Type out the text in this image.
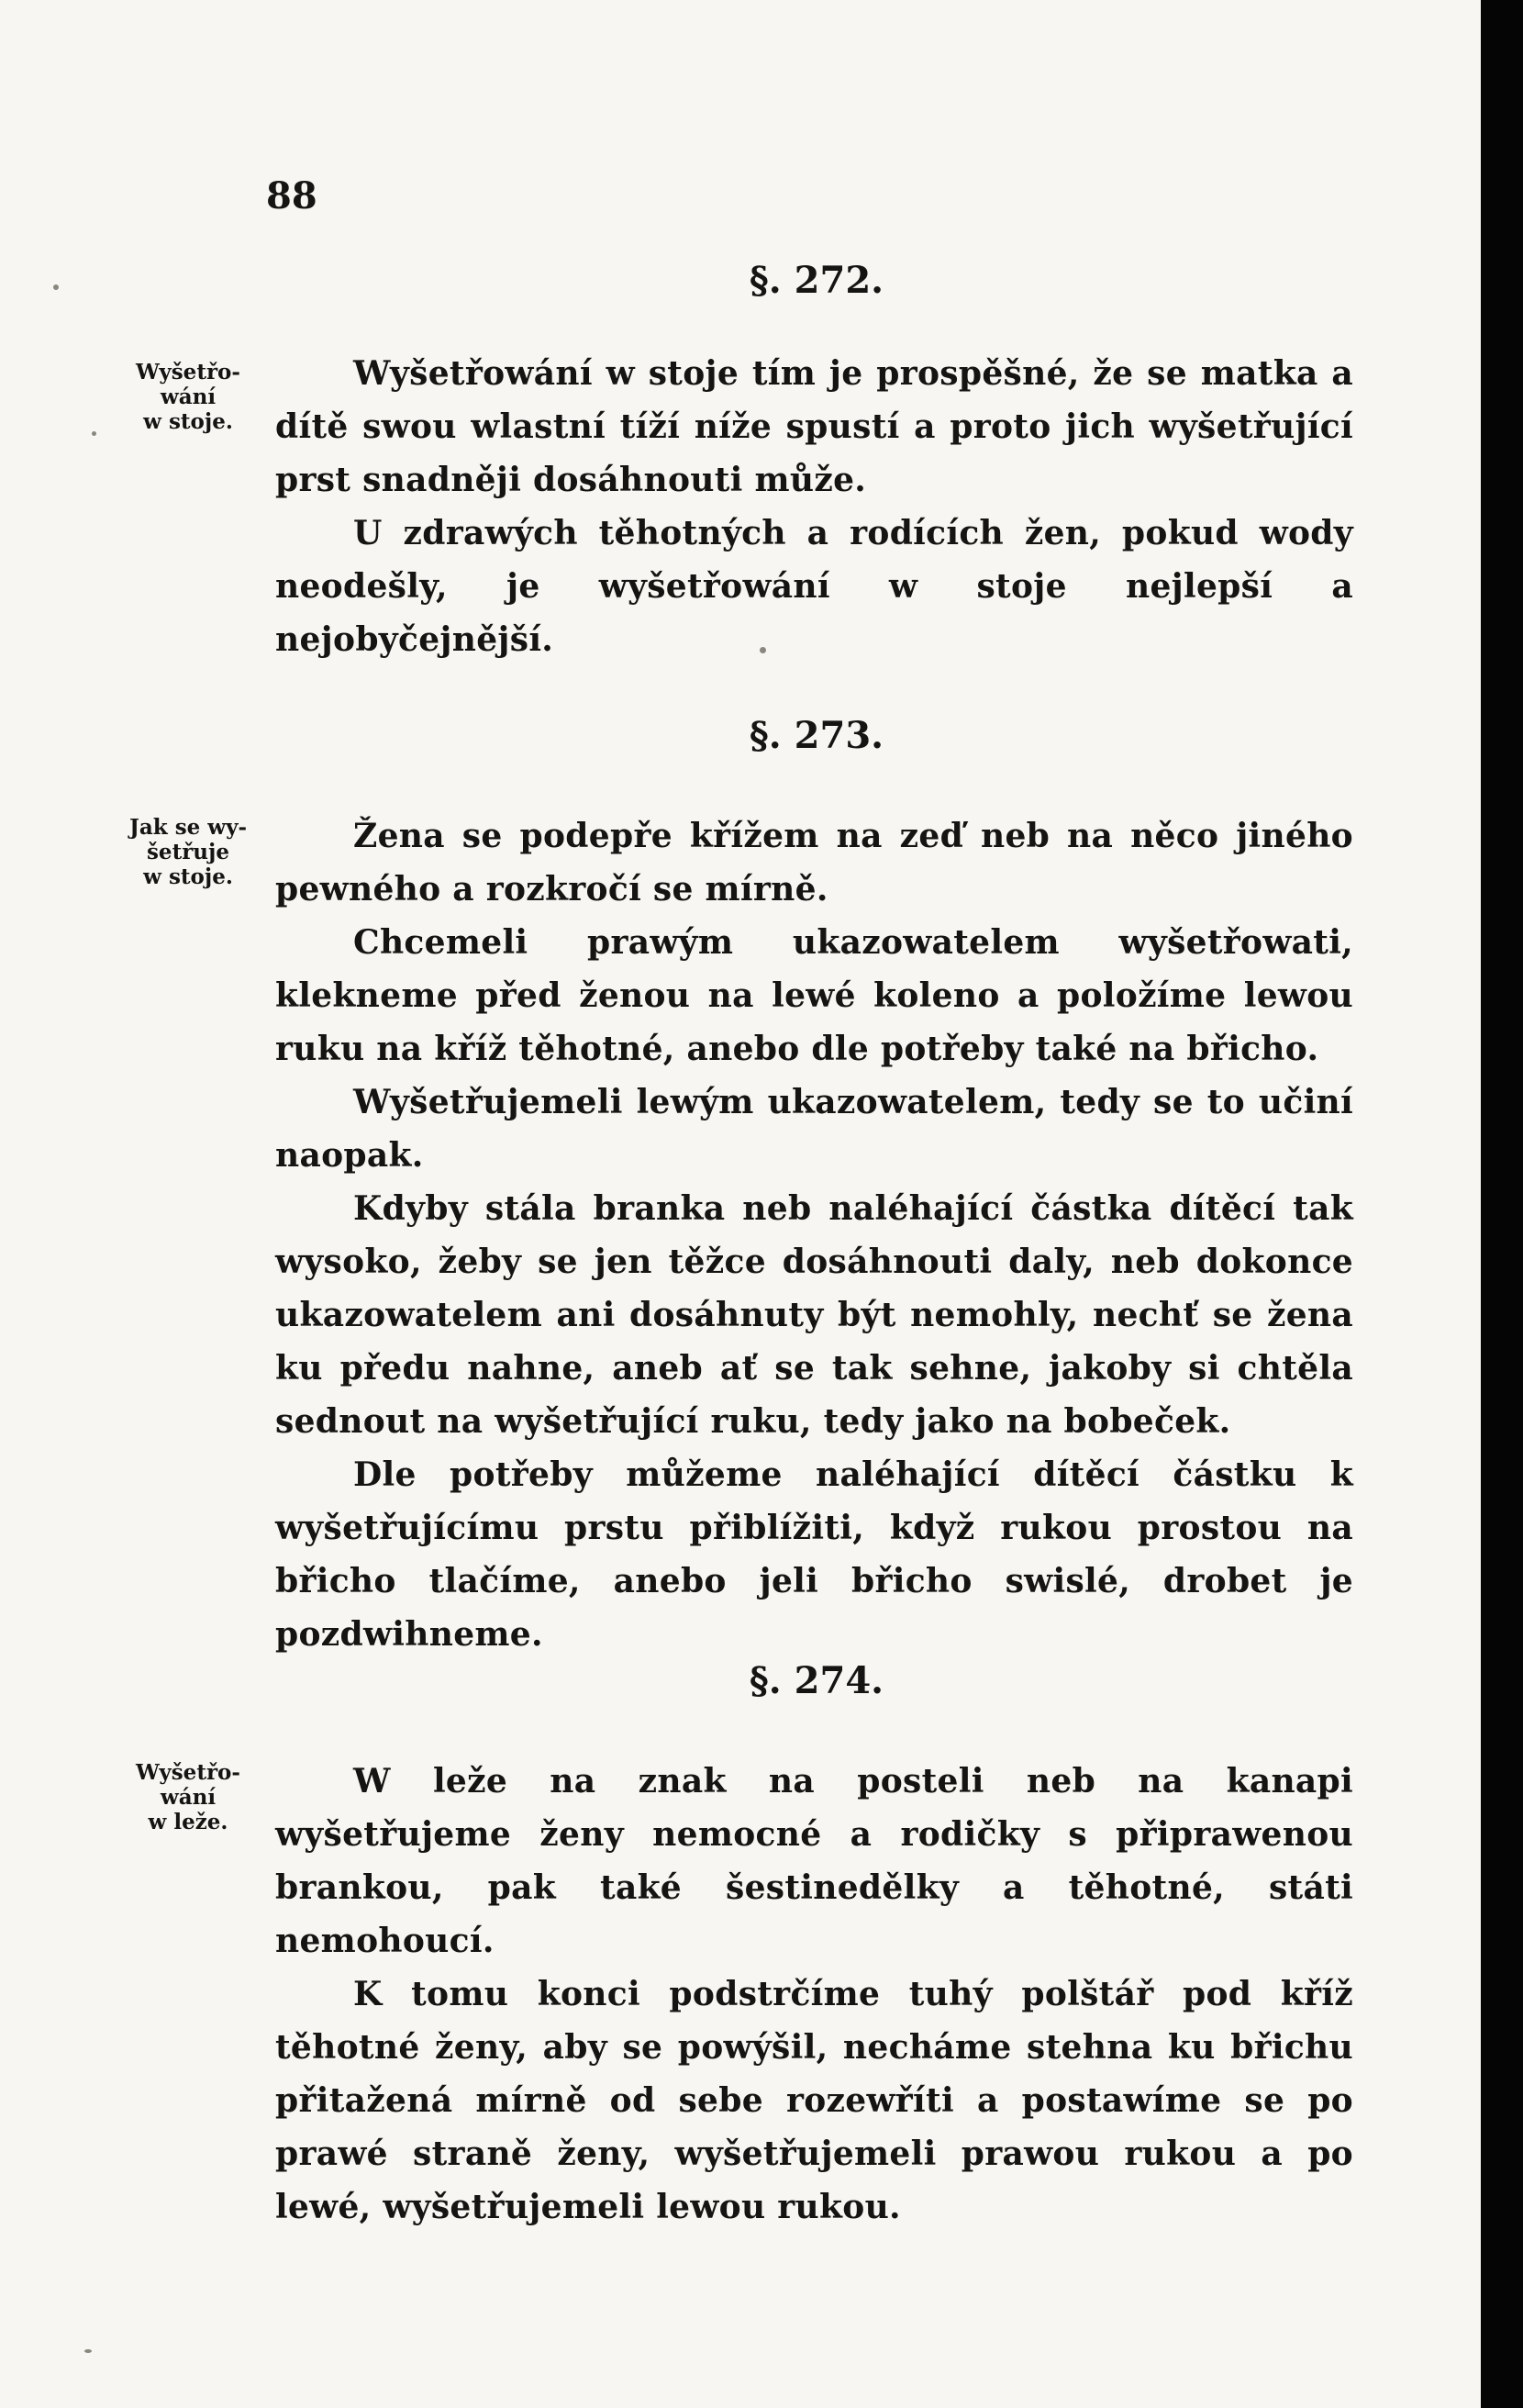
88
§. 272.
Wyšetřo-
wání
w stoje.

Wyšetřowání w stoje tím je prospěšné, že se matka a dítě swou wlastní tíží níže spustí a proto jich wyšetřující prst snadněji dosáhnouti může.

U zdrawých těhotných a rodících žen, pokud wody neodešly, je wyšetřowání w stoje nejlepší a nejobyčejnější.

§. 273.
Jak se wy-
šetřuje
w stoje.

Žena se podepře křížem na zeď neb na něco jiného pewného a rozkročí se mírně.

Chcemeli prawým ukazowatelem wyšetřowati, klekneme před ženou na lewé koleno a položíme lewou ruku na kříž těhotné, anebo dle potřeby také na břicho.

Wyšetřujemeli lewým ukazowatelem, tedy se to učiní naopak.

Kdyby stála branka neb naléhající částka dítěcí tak wysoko, žeby se jen těžce dosáhnouti daly, neb dokonce ukazowatelem ani dosáhnuty být nemohly, nechť se žena ku předu nahne, aneb ať se tak sehne, jakoby si chtěla sednout na wyšetřující ruku, tedy jako na bobeček.

Dle potřeby můžeme naléhající dítěcí částku k wyšetřujícímu prstu přiblížiti, když rukou prostou na břicho tlačíme, anebo jeli břicho swislé, drobet je pozdwihneme.

§. 274.
Wyšetřo-
wání
w leže.

W leže na znak na posteli neb na kanapi wyšetřujeme ženy nemocné a rodičky s připrawenou brankou, pak také šestinedělky a těhotné, státi nemohoucí.

K tomu konci podstrčíme tuhý polštář pod kříž těhotné ženy, aby se powýšil, necháme stehna ku břichu přitažená mírně od sebe rozewříti a postawíme se po prawé straně ženy, wyšetřujemeli prawou rukou a po lewé, wyšetřujemeli lewou rukou.
